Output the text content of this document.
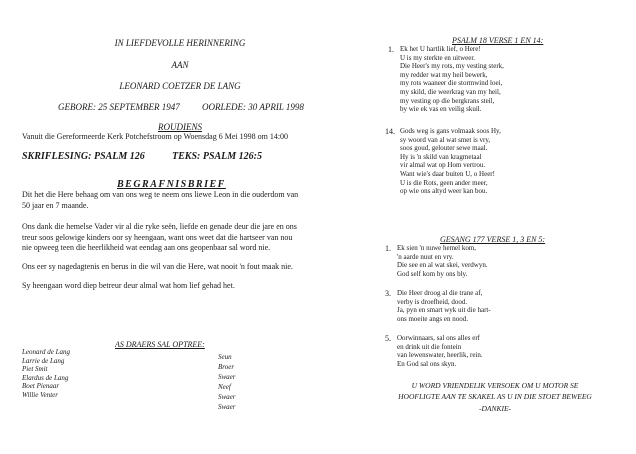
IN LIEFDEVOLLE HERINNERING
AAN
LEONARD COETZER DE LANG
GEBORE: 25 SEPTEMBER 1947 OORLEDE: 30 APRIL 1998
ROUDIENS
Vanuit die Gereformeerde Kerk Potchefstroom op Woensdag 6 Mei 1998 om 14:00
SKRIFLESING: PSALM 126	TEKS: PSALM 126:5
BEGRAFNISBRIEF
Dit het die Here behaag om van ons weg te neem ons liewe Leon in die ouderdom van
50 jaar en 7 maande.
Ons dank die hemelse Vader vir al die ryke seën, liefde en genade deur die jare en ons
treur soos gelowige kinders oor sy heengaan, want ons weet dat die hartseer van nou
nie opweeg teen die heerlikheid wat eendag aan ons geopenbaar sal word nie.
Ons eer sy nagedagtenis en berus in die wil van die Here, wat nooit 'n fout maak nie.
Sy heengaan word diep betreur deur almal wat hom lief gehad het.
AS DRAERS SAL OPTREE:
Leonard de Lang
Larrie de Lang
Piet Smit
Elardus de Lang
Boet Pienaar
Willie Venter
Seun
Broer
Swaer
Neef
Swaer
Swaer
PSALM 18 VERSE 1 EN 14:
1. Ek het U hartlik lief, o Here!
U is my sterkte en uitweer.
Die Heer's my rots, my vesting sterk,
my redder wat my heil bewerk,
my rots waaneer die stormwind loei,
my skild, die weerkrag van my heil,
my vesting op die bergkrans steil,
by wie ek vas en veilig skuil.
14. Gods weg is gans volmaak soos Hy,
sy woord van al wat smet is vry,
soos goud, gelouter sewe maal.
Hy is 'n skild van kragmetaal
vir almal wat op Hom vertrou.
Want wie's daar buiten U, o Heer!
U is die Rots, geen ander meer,
op wie ons altyd weer kan bou.
GESANG 177 VERSE 1, 3 EN 5:
1. Ek sien 'n nuwe hemel kom,
'n aarde nuut en vry.
Die see en al wat skei, verdwyn.
God self kom by ons bly.
3. Die Heer droog al die trane af,
verby is droefheid, dood.
Ja, pyn en smart wyk uit die hart-
ons moeite angs en nood.
5. Oorwinnaars, sal ons alles erf
en drink uit die fontein
van lewenswater, heerlik, rein.
En God sal ons skyn.
U WORD VRIENDELIK VERSOEK OM U MOTOR SE
HOOFLIGTE AAN TE SKAKEL AS U IN DIE STOET BEWEEG
-DANKIE-
